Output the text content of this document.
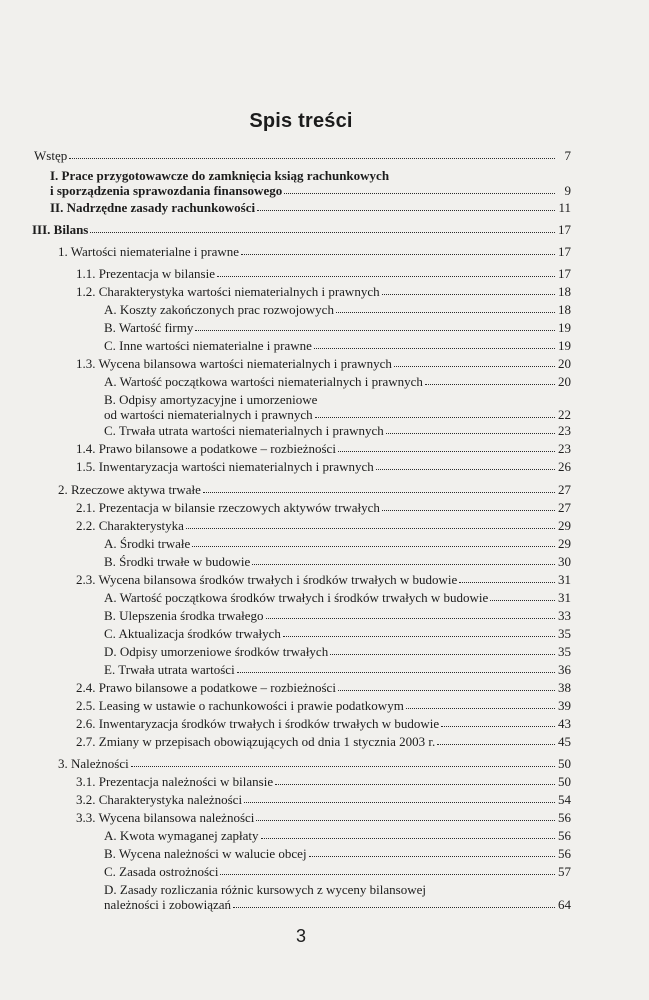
Spis treści
Wstęp	7
I. Prace przygotowawcze do zamknięcia ksiąg rachunkowych
i sporządzenia sprawozdania finansowego	9
II. Nadrzędne zasady rachunkowości	11
III. Bilans	17
1. Wartości niematerialne i prawne	17
1.1. Prezentacja w bilansie	17
1.2. Charakterystyka wartości niematerialnych i prawnych	18
A. Koszty zakończonych prac rozwojowych	18
B. Wartość firmy	19
C. Inne wartości niematerialne i prawne	19
1.3. Wycena bilansowa wartości niematerialnych i prawnych	20
A. Wartość początkowa wartości niematerialnych i prawnych	20
B. Odpisy amortyzacyjne i umorzeniowe
od wartości niematerialnych i prawnych	22
C. Trwała utrata wartości niematerialnych i prawnych	23
1.4. Prawo bilansowe a podatkowe – rozbieżności	23
1.5. Inwentaryzacja wartości niematerialnych i prawnych	26
2. Rzeczowe aktywa trwałe	27
2.1. Prezentacja w bilansie rzeczowych aktywów trwałych	27
2.2. Charakterystyka	29
A. Środki trwałe	29
B. Środki trwałe w budowie	30
2.3. Wycena bilansowa środków trwałych i środków trwałych w budowie	31
A. Wartość początkowa środków trwałych i środków trwałych w budowie	31
B. Ulepszenia środka trwałego	33
C. Aktualizacja środków trwałych	35
D. Odpisy umorzeniowe środków trwałych	35
E. Trwała utrata wartości	36
2.4. Prawo bilansowe a podatkowe – rozbieżności	38
2.5. Leasing w ustawie o rachunkowości i prawie podatkowym	39
2.6. Inwentaryzacja środków trwałych i środków trwałych w budowie	43
2.7. Zmiany w przepisach obowiązujących od dnia 1 stycznia 2003 r.	45
3. Należności	50
3.1. Prezentacja należności w bilansie	50
3.2. Charakterystyka należności	54
3.3. Wycena bilansowa należności	56
A. Kwota wymaganej zapłaty	56
B. Wycena należności w walucie obcej	56
C. Zasada ostrożności	57
D. Zasady rozliczania różnic kursowych z wyceny bilansowej
należności i zobowiązań	64
3
